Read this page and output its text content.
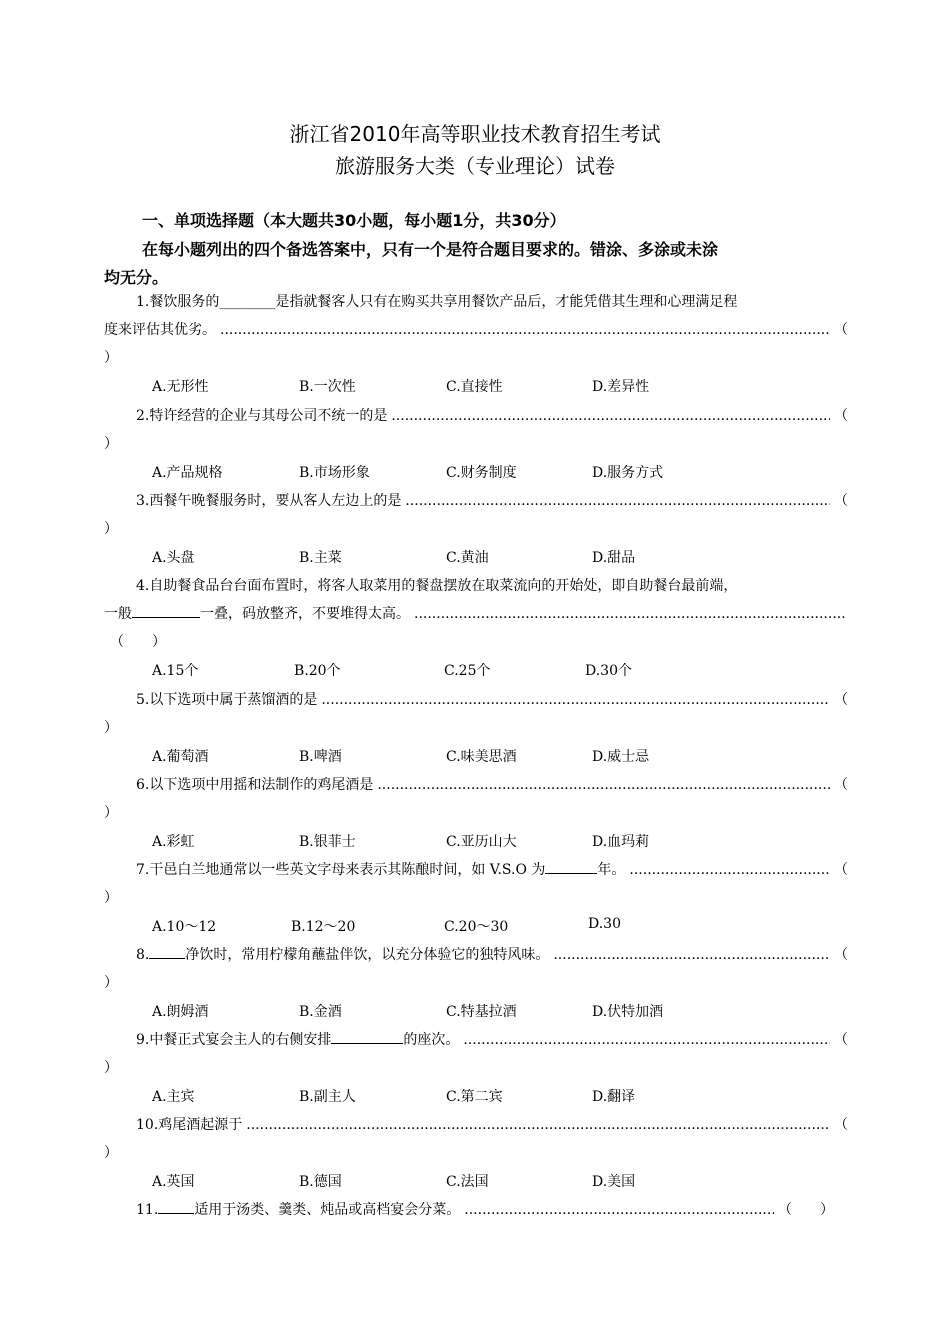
浙江省2010年高等职业技术教育招生考试
旅游服务大类（专业理论）试卷
一、单项选择题（本大题共30小题，每小题1分，共30分）
在每小题列出的四个备选答案中，只有一个是符合题目要求的。错涂、多涂或未涂
均无分。
1.餐饮服务的________是指就餐客人只有在购买共享用餐饮产品后，才能凭借其生理和心理满足程
度来评估其优劣。 .....	（
）
A.无形性	B.一次性	C.直接性	D.差异性
2.特许经营的企业与其母公司不统一的是 .....	（
）
A.产品规格	B.市场形象	C.财务制度	D.服务方式
3.西餐午晚餐服务时，要从客人左边上的是 .....	（
）
A.头盘	B.主菜	C.黄油	D.甜品
4.自助餐食品台台面布置时，将客人取菜用的餐盘摆放在取菜流向的开始处，即自助餐台最前端，
一般	一叠，码放整齐，不要堆得太高。
.....
（　　）
A.15个	B.20个	C.25个	D.30个
5.以下选项中属于蒸馏酒的是 .....	（
）
A.葡萄酒	B.啤酒	C.味美思酒	D.威士忌
6.以下选项中用摇和法制作的鸡尾酒是 .....	（
）
A.彩虹	B.银菲士	C.亚历山大	D.血玛莉
7.干邑白兰地通常以一些英文字母来表示其陈酿时间，如 V.S.O 为	年。 .....	（
）
A.10～12	B.12～20	C.20～30	D.30
8.	净饮时，常用柠檬角蘸盐伴饮，以充分体验它的独特风味。 .....	（
）
A.朗姆酒	B.金酒	C.特基拉酒	D.伏特加酒
9.中餐正式宴会主人的右侧安排	的座次。 .....	（
）
A.主宾	B.副主人	C.第二宾	D.翻译
10.鸡尾酒起源于 .....	（
）
A.英国	B.德国	C.法国	D.美国
11.	适用于汤类、羹类、炖品或高档宴会分菜。 .....	（　　）
